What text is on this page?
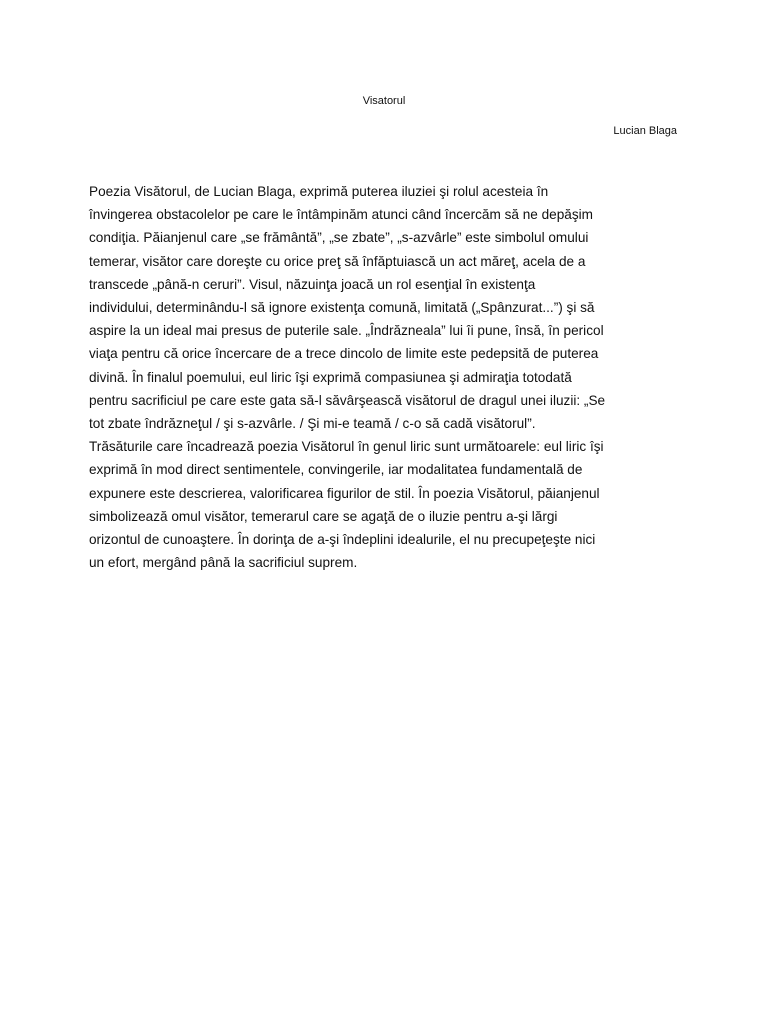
Visatorul
Lucian Blaga
Poezia Visătorul, de Lucian Blaga, exprimă puterea iluziei şi rolul acesteia în
învingerea obstacolelor pe care le întâmpinăm atunci când încercăm să ne depăşim
condiţia. Păianjenul care „se frământă”, „se zbate”, „s-azvârle” este simbolul omului
temerar, visător care doreşte cu orice preţ să înfăptuiască un act măreţ, acela de a
transcede „până-n ceruri”. Visul, năzuinţa joacă un rol esenţial în existenţa
individului, determinându-l să ignore existenţa comună, limitată („Spânzurat...”) şi să
aspire la un ideal mai presus de puterile sale. „Îndrăzneala” lui îi pune, însă, în pericol
viaţa pentru că orice încercare de a trece dincolo de limite este pedepsită de puterea
divină. În finalul poemului, eul liric îşi exprimă compasiunea şi admiraţia totodată
pentru sacrificiul pe care este gata să-l săvârşească visătorul de dragul unei iluzii: „Se
tot zbate îndrăzneţul / şi s-azvârle. / Şi mi-e teamă / c-o să cadă visătorul”.
Trăsăturile care încadrează poezia Visătorul în genul liric sunt următoarele: eul liric îşi
exprimă în mod direct sentimentele, convingerile, iar modalitatea fundamentală de
expunere este descrierea, valorificarea figurilor de stil. În poezia Visătorul, păianjenul
simbolizează omul visător, temerarul care se agaţă de o iluzie pentru a-şi lărgi
orizontul de cunoaştere. În dorinţa de a-şi îndeplini idealurile, el nu precupeţeşte nici
un efort, mergând până la sacrificiul suprem.
